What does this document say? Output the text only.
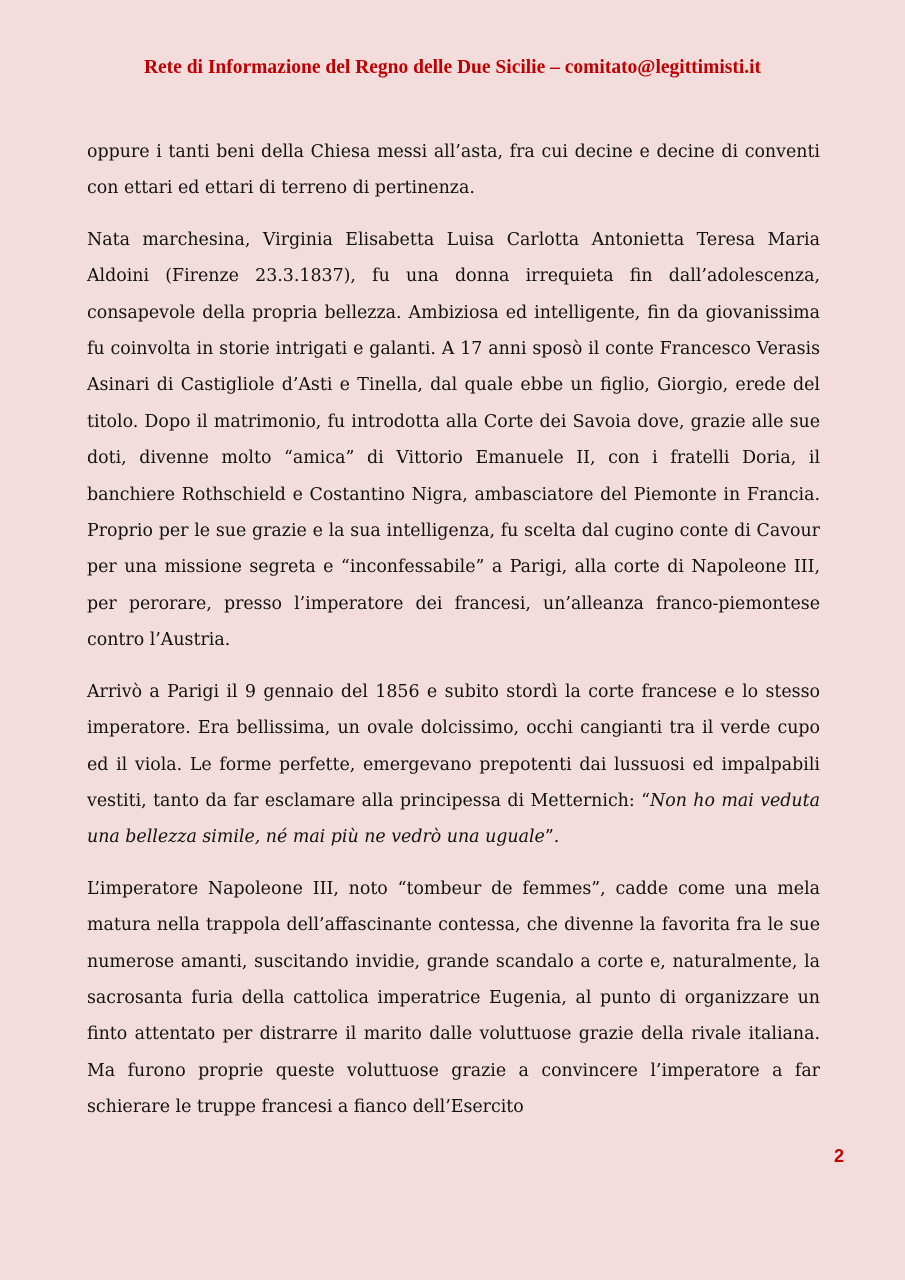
Rete di Informazione del Regno delle Due Sicilie – comitato@legittimisti.it

oppure i tanti beni della Chiesa messi all’asta, fra cui decine e decine di conventi con ettari ed ettari di terreno di pertinenza.

Nata marchesina, Virginia Elisabetta Luisa Carlotta Antonietta Teresa Maria Aldoini (Firenze 23.3.1837), fu una donna irrequieta fin dall’adolescenza, consapevole della propria bellezza. Ambiziosa ed intelligente, fin da giovanissima fu coinvolta in storie intrigati e galanti. A 17 anni sposò il conte Francesco Verasis Asinari di Castigliole d’Asti e Tinella, dal quale ebbe un figlio, Giorgio, erede del titolo. Dopo il matrimonio, fu introdotta alla Corte dei Savoia dove, grazie alle sue doti, divenne molto “amica” di Vittorio Emanuele II, con i fratelli Doria, il banchiere Rothschield e Costantino Nigra, ambasciatore del Piemonte in Francia. Proprio per le sue grazie e la sua intelligenza, fu scelta dal cugino conte di Cavour per una missione segreta e “inconfessabile” a Parigi, alla corte di Napoleone III, per perorare, presso l’imperatore dei francesi, un’alleanza franco-piemontese contro l’Austria.

Arrivò a Parigi il 9 gennaio del 1856 e subito stordì la corte francese e lo stesso imperatore. Era bellissima, un ovale dolcissimo, occhi cangianti tra il verde cupo ed il viola. Le forme perfette, emergevano prepotenti dai lussuosi ed impalpabili vestiti, tanto da far esclamare alla principessa di Metternich: “Non ho mai veduta una bellezza simile, né mai più ne vedrò una uguale”.

L’imperatore Napoleone III, noto “tombeur de femmes”, cadde come una mela matura nella trappola dell’affascinante contessa, che divenne la favorita fra le sue numerose amanti, suscitando invidie, grande scandalo a corte e, naturalmente, la sacrosanta furia della cattolica imperatrice Eugenia, al punto di organizzare un finto attentato per distrarre il marito dalle voluttuose grazie della rivale italiana. Ma furono proprie queste voluttuose grazie a convincere l’imperatore a far schierare le truppe francesi a fianco dell’Esercito

2
